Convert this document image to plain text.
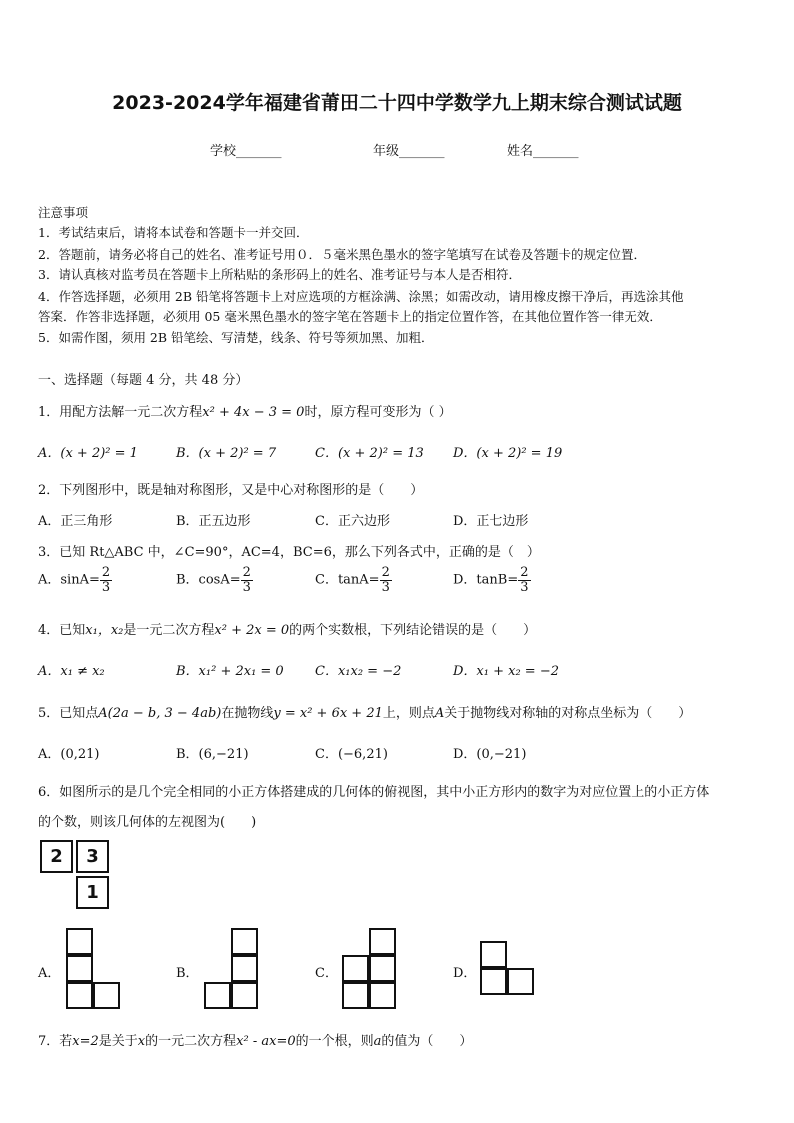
2023-2024学年福建省莆田二十四中学数学九上期末综合测试试题
学校_______	年级_______	姓名_______
注意事项
1．考试结束后，请将本试卷和答题卡一并交回．
2．答题前，请务必将自己的姓名、准考证号用０．５毫米黑色墨水的签字笔填写在试卷及答题卡的规定位置．
3．请认真核对监考员在答题卡上所粘贴的条形码上的姓名、准考证号与本人是否相符．
4．作答选择题，必须用 2B 铅笔将答题卡上对应选项的方框涂满、涂黑；如需改动，请用橡皮擦干净后，再选涂其他
答案．作答非选择题，必须用 05 毫米黑色墨水的签字笔在答题卡上的指定位置作答，在其他位置作答一律无效．
5．如需作图，须用 2B 铅笔绘、写清楚，线条、符号等须加黑、加粗．
一、选择题（每题 4 分，共 48 分）
1．用配方法解一元二次方程x² + 4x − 3 = 0时，原方程可变形为（ ）
A．(x + 2)² = 1	B．(x + 2)² = 7	C．(x + 2)² = 13 D．(x + 2)² = 19
2．下列图形中，既是轴对称图形，又是中心对称图形的是（　　）
A．正三角形	B．正五边形	C．正六边形	D．正七边形
3．已知 Rt△ABC 中，∠C=90°，AC=4，BC=6，那么下列各式中，正确的是（　）
A．$\sin A= \frac{2}{3}$	B．$\cos A= \frac{2}{3}$	C．$\tan A= \frac{2}{3}$	D．$\tan B= \frac{2}{3}$
4．已知x₁，x₂是一元二次方程x² + 2x = 0的两个实数根，下列结论错误的是（　　）
A．x₁ ≠ x₂	B．x₁² + 2x₁ = 0 C．x₁x₂ = −2	D．x₁ + x₂ = −2
5．已知点A(2a − b, 3 − 4ab)在抛物线y = x² + 6x + 21上，则点A关于抛物线对称轴的对称点坐标为（　　）
A．(0,21)	B．(6,−21)	C．(−6,21)	D．(0,−21)
6．如图所示的是几个完全相同的小正方体搭建成的几何体的俯视图，其中小正方形内的数字为对应位置上的小正方体
的个数，则该几何体的左视图为(　　)
2	3
1
A．	B．	C．	D．
7．若x=2是关于x的一元二次方程x² - ax=0的一个根，则a的值为（　　）
